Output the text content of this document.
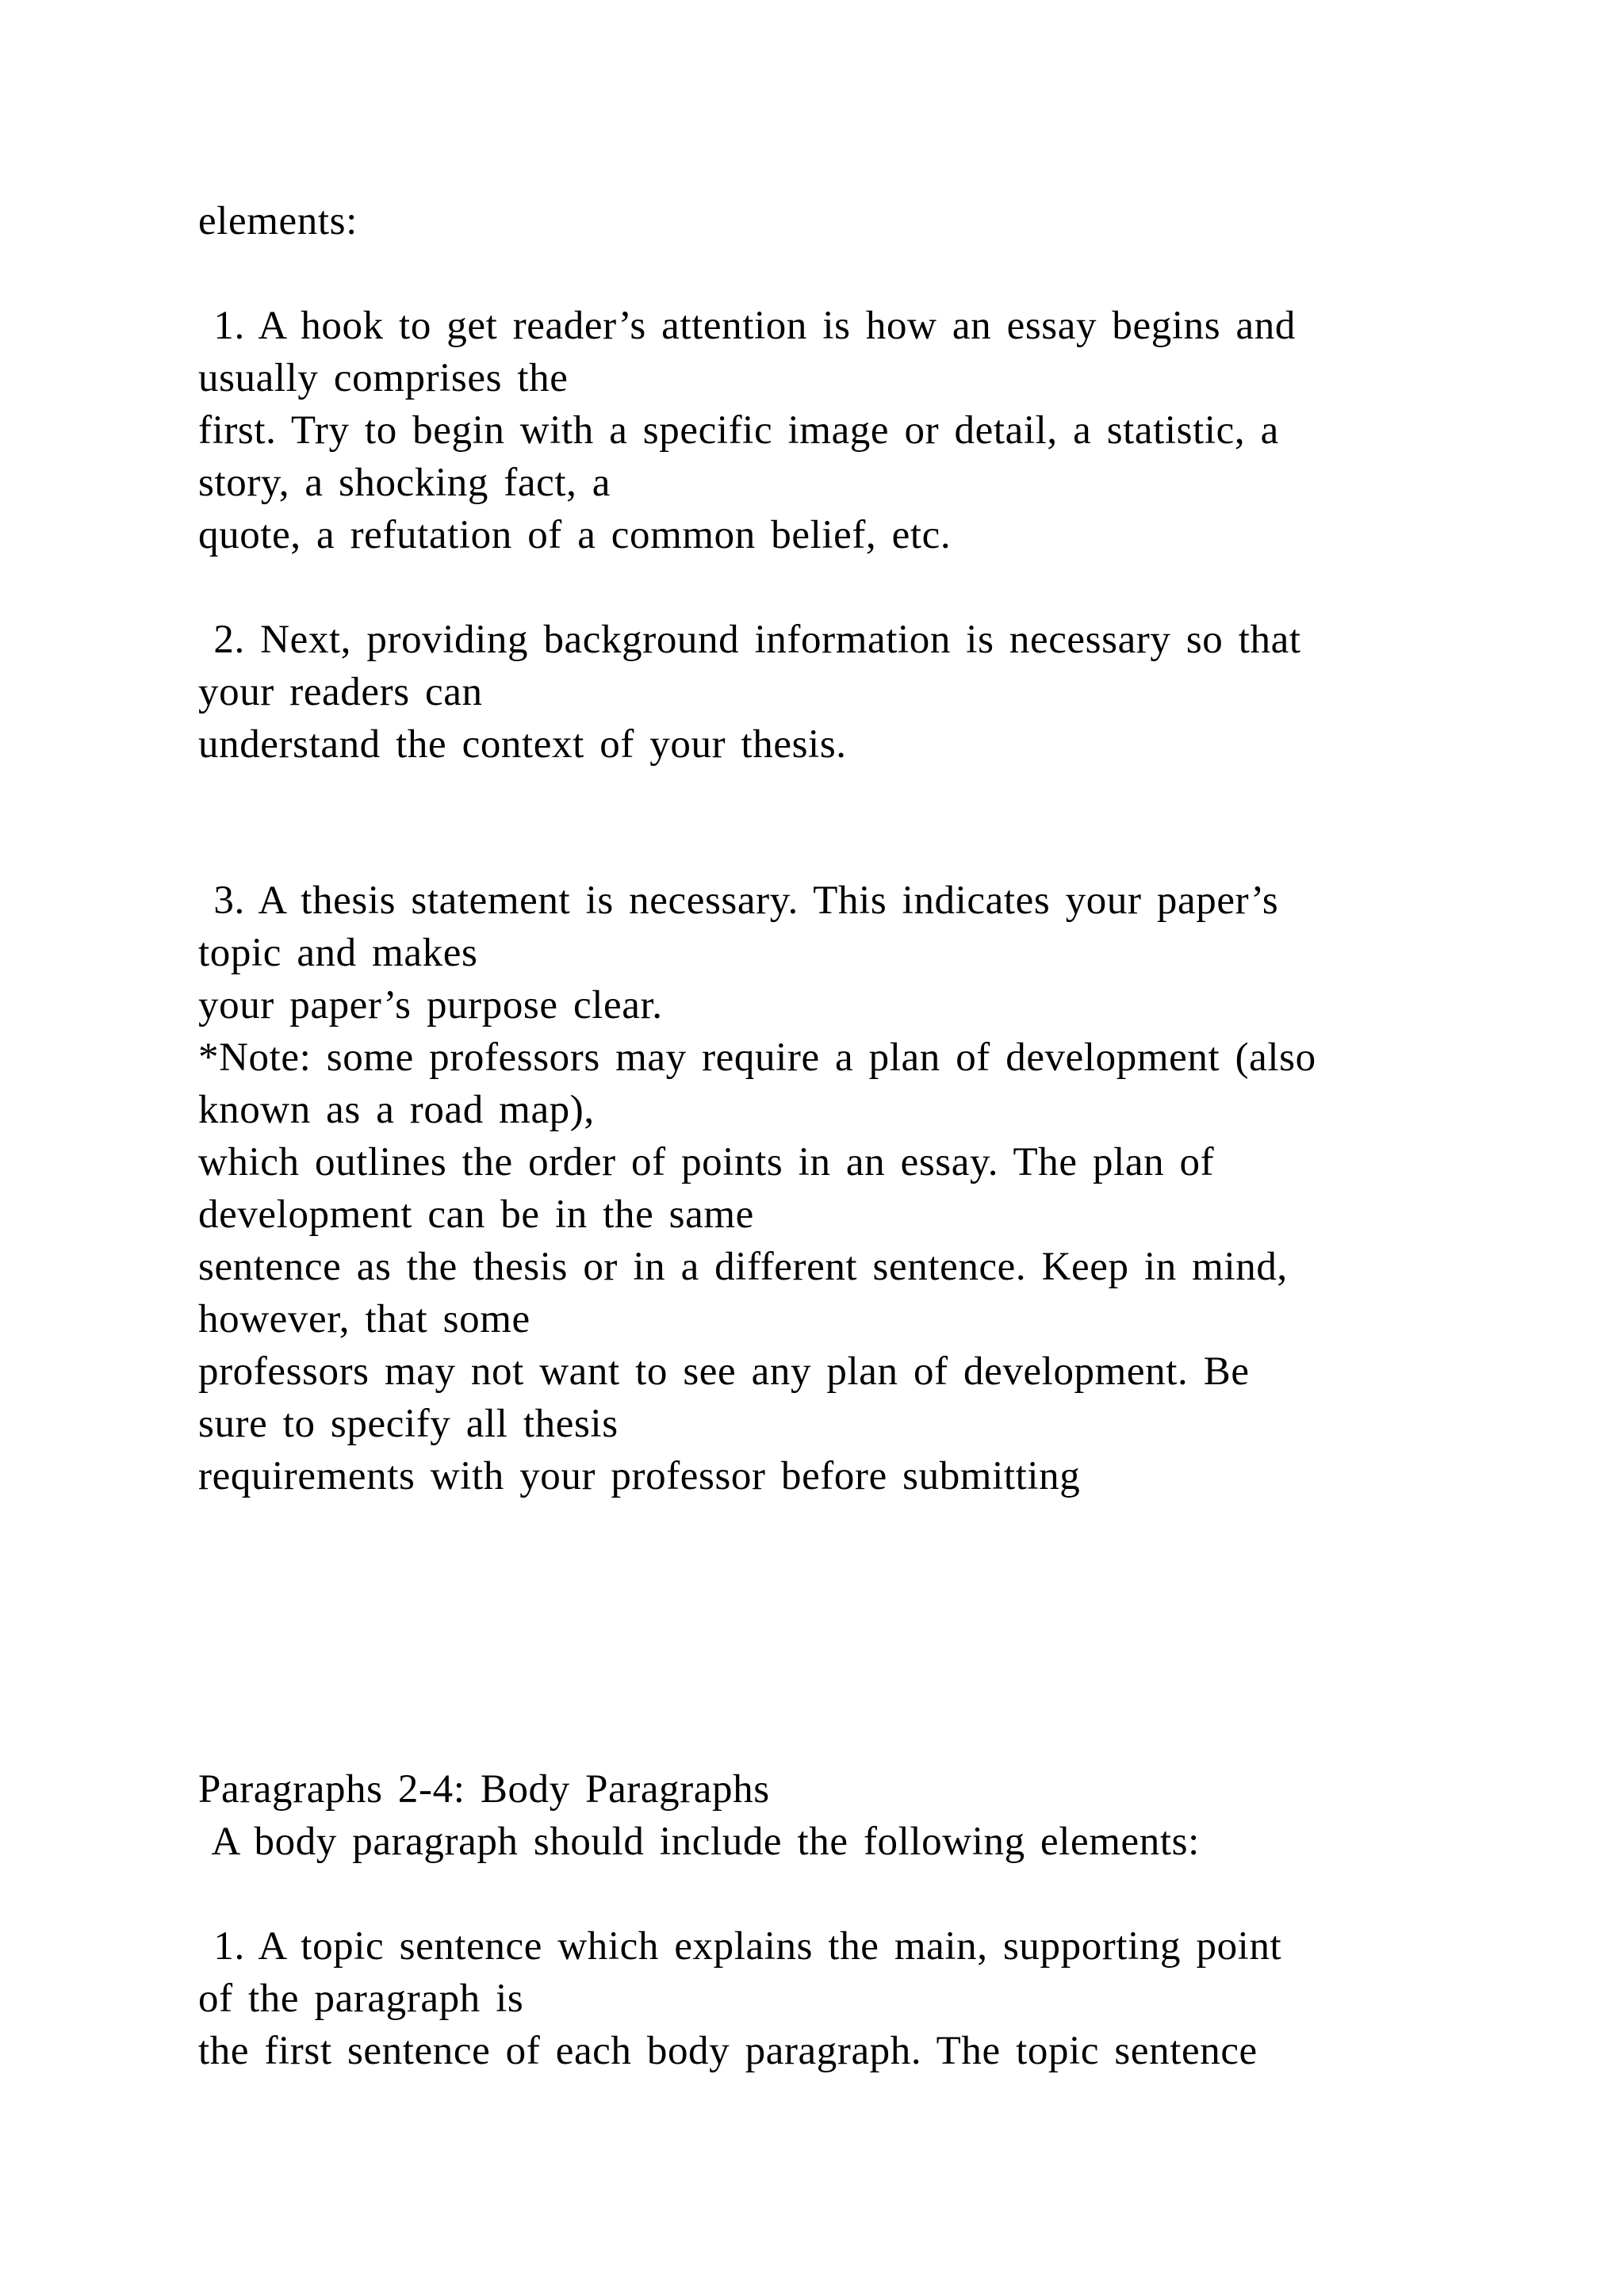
elements:

1. A hook to get reader’s attention is how an essay begins and

usually comprises the

first. Try to begin with a specific image or detail, a statistic, a

story, a shocking fact, a

quote, a refutation of a common belief, etc.

2. Next, providing background information is necessary so that

your readers can

understand the context of your thesis.

3. A thesis statement is necessary. This indicates your paper’s

topic and makes

your paper’s purpose clear.

*Note: some professors may require a plan of development (also

known as a road map),

which outlines the order of points in an essay. The plan of

development can be in the same

sentence as the thesis or in a different sentence. Keep in mind,

however, that some

professors may not want to see any plan of development. Be

sure to specify all thesis

requirements with your professor before submitting

Paragraphs 2-4: Body Paragraphs

A body paragraph should include the following elements:

1. A topic sentence which explains the main, supporting point

of the paragraph is

the first sentence of each body paragraph. The topic sentence
